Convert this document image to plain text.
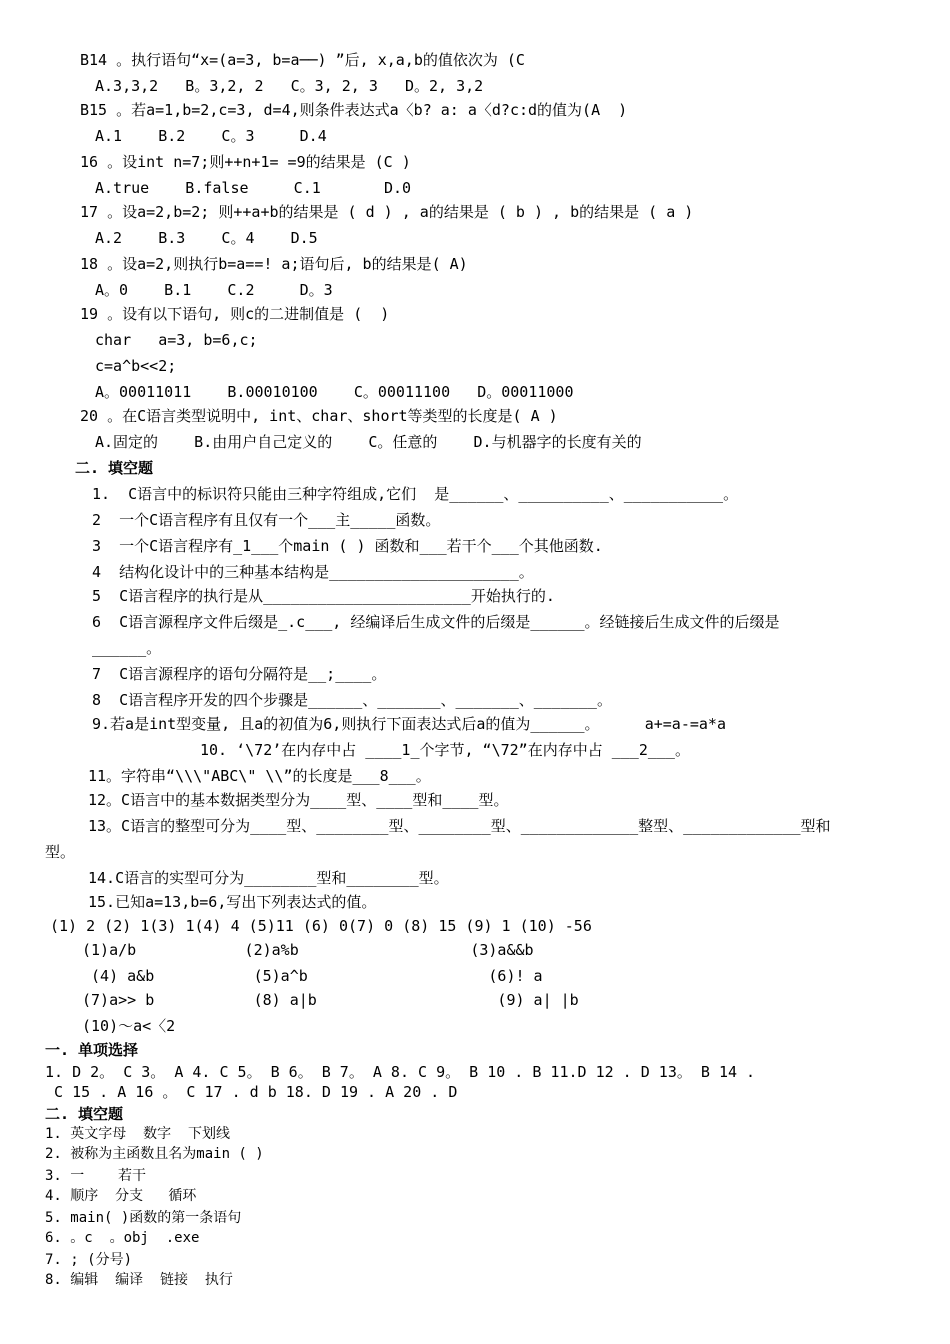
B14 。执行语句“x=(a=3, b=a──) ”后, x,a,b的值依次为 (C
A.3,3,2   B。3,2, 2   C。3, 2, 3   D。2, 3,2
B15 。若a=1,b=2,c=3, d=4,则条件表达式a〈b? a: a〈d?c:d的值为(A  )
A.1    B.2    C。3     D.4
16 。设int n=7;则++n+1= =9的结果是 (C )
A.true    B.false     C.1       D.0
17 。设a=2,b=2; 则++a+b的结果是 ( d ) , a的结果是 ( b ) , b的结果是 ( a )
A.2    B.3    C。4    D.5
18 。设a=2,则执行b=a==! a;语句后, b的结果是( A)
A。0    B.1    C.2     D。3
19 。设有以下语句, 则c的二进制值是 (  )
char   a=3, b=6,c;
c=a^b<<2;
A。00011011    B.00010100    C。00011100   D。00011000
20 。在C语言类型说明中, int、char、short等类型的长度是( A )
A.固定的    B.由用户自己定义的    C。任意的    D.与机器字的长度有关的
二. 填空题
1.  C语言中的标识符只能由三种字符组成,它们  是______、__________、___________。
2  一个C语言程序有且仅有一个___主_____函数。
3  一个C语言程序有_1___个main ( ) 函数和___若干个___个其他函数.
4  结构化设计中的三种基本结构是_____________________。
5  C语言程序的执行是从_______________________开始执行的.
6  C语言源程序文件后缀是_.c___, 经编译后生成文件的后缀是______。经链接后生成文件的后缀是
______。
7  C语言源程序的语句分隔符是__;____。
8  C语言程序开发的四个步骤是______、_______、_______、_______。
9.若a是int型变量, 且a的初值为6,则执行下面表达式后a的值为______。     a+=a-=a*a
10. ‘\72’在内存中占 ____1_个字节, “\72”在内存中占 ___2___。
11。字符串“\\\"ABC\" \\”的长度是___8___。
12。C语言中的基本数据类型分为____型、____型和____型。
13。C语言的整型可分为____型、________型、________型、_____________整型、_____________型和
型。
14.C语言的实型可分为________型和________型。
15.已知a=13,b=6,写出下列表达式的值。
(1) 2 (2) 1(3) 1(4) 4 (5)11 (6) 0(7) 0 (8) 15 (9) 1 (10) -56
(1)a/b            (2)a%b                   (3)a&&b
(4) a&b           (5)a^b                    (6)! a
(7)a>> b           (8) a|b                    (9) a| |b
(10)～a<〈2
一. 单项选择
1. D 2。 C 3。 A 4. C 5。 B 6。 B 7。 A 8. C 9。 B 10 . B 11.D 12 . D 13。 B 14 .
C 15 . A 16 。 C 17 . d b 18. D 19 . A 20 . D
二. 填空题
1. 英文字母  数字  下划线
2. 被称为主函数且名为main ( )
3. 一    若干
4. 顺序  分支   循环
5. main( )函数的第一条语句
6. 。c  。obj  .exe
7. ; (分号)
8. 编辑  编译  链接  执行
